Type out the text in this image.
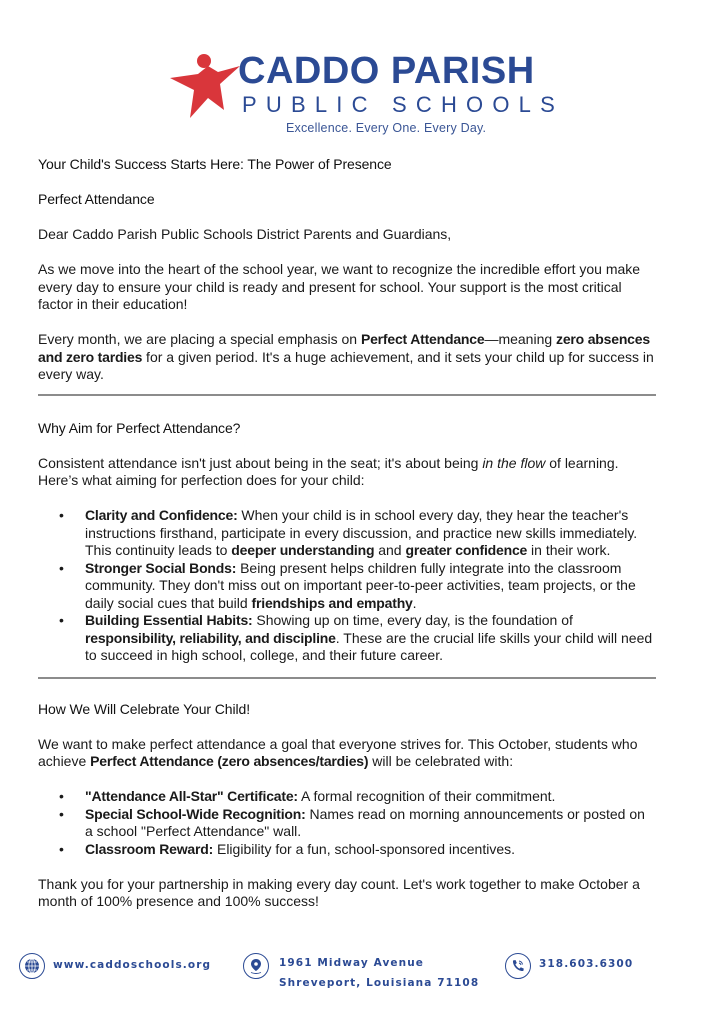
CADDO PARISH
PUBLIC SCHOOLS
Excellence. Every One. Every Day.

Your Child's Success Starts Here: The Power of Presence

Perfect Attendance

Dear Caddo Parish Public Schools District Parents and Guardians,

As we move into the heart of the school year, we want to recognize the incredible effort you make every day to ensure your child is ready and present for school. Your support is the most critical factor in their education!

Every month, we are placing a special emphasis on Perfect Attendance—meaning zero absences and zero tardies for a given period. It's a huge achievement, and it sets your child up for success in every way.

Why Aim for Perfect Attendance?

Consistent attendance isn't just about being in the seat; it's about being in the flow of learning. Here’s what aiming for perfection does for your child:

• Clarity and Confidence: When your child is in school every day, they hear the teacher's instructions firsthand, participate in every discussion, and practice new skills immediately. This continuity leads to deeper understanding and greater confidence in their work.
• Stronger Social Bonds: Being present helps children fully integrate into the classroom community. They don't miss out on important peer-to-peer activities, team projects, or the daily social cues that build friendships and empathy.
• Building Essential Habits: Showing up on time, every day, is the foundation of responsibility, reliability, and discipline. These are the crucial life skills your child will need to succeed in high school, college, and their future career.

How We Will Celebrate Your Child!

We want to make perfect attendance a goal that everyone strives for. This October, students who achieve Perfect Attendance (zero absences/tardies) will be celebrated with:

• "Attendance All-Star" Certificate: A formal recognition of their commitment.
• Special School-Wide Recognition: Names read on morning announcements or posted on a school "Perfect Attendance" wall.
• Classroom Reward: Eligibility for a fun, school-sponsored incentives.

Thank you for your partnership in making every day count. Let's work together to make October a month of 100% presence and 100% success!

www.caddoschools.org	1961 Midway Avenue
Shreveport, Louisiana 71108
318.603.6300
